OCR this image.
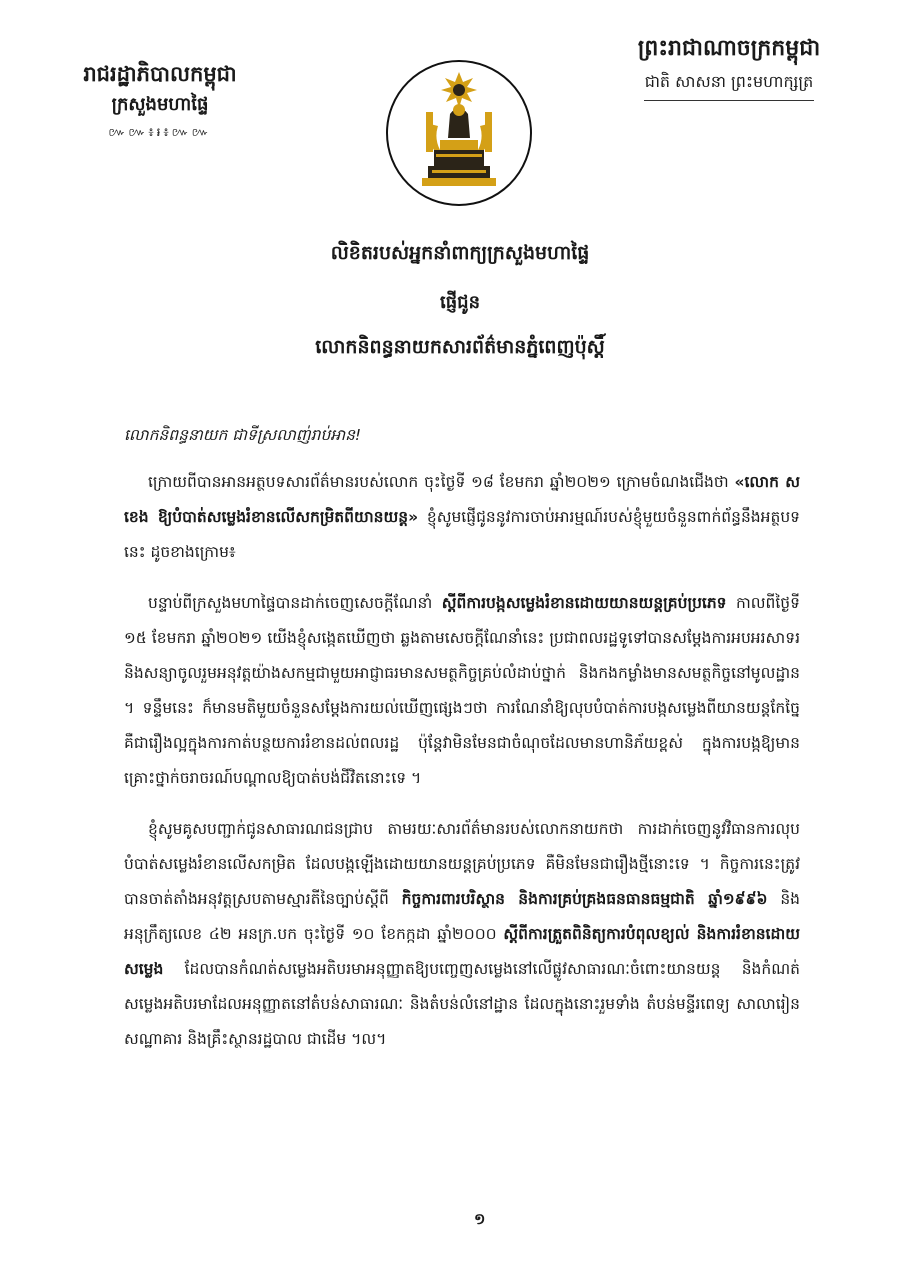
រាជរដ្ឋាភិបាលកម្ពុជា
ក្រសួងមហាផ្ទៃ
៚៚៖៛៖៚៚
ព្រះរាជាណាចក្រកម្ពុជា
ជាតិ សាសនា ព្រះមហាក្សត្រ
លិខិតរបស់អ្នកនាំពាក្យក្រសួងមហាផ្ទៃ
ផ្ញើជូន
លោកនិពន្ធនាយកសារព័ត៌មានភ្នំពេញប៉ុស្តិ៍
លោកនិពន្ធនាយក ជាទីស្រលាញ់រាប់អាន!

ក្រោយពីបានអានអត្ថបទសារព័ត៌មានរបស់លោក ចុះថ្ងៃទី ១៨ ខែមករា ឆ្នាំ២០២១ ក្រោមចំណងជើងថា «លោក ស ខេង ឱ្យបំបាត់សម្លេងរំខានលើសកម្រិតពីយានយន្ត» ខ្ញុំសូមផ្ញើជូននូវការចាប់អារម្មណ៍របស់ខ្ញុំមួយចំនួនពាក់ព័ន្ធនឹងអត្ថបទនេះ ដូចខាងក្រោម៖

បន្ទាប់ពីក្រសួងមហាផ្ទៃបានដាក់ចេញសេចក្តីណែនាំ ស្តីពីការបង្កសម្លេងរំខានដោយយានយន្តគ្រប់ប្រភេទ កាលពីថ្ងៃទី ១៥ ខែមករា ឆ្នាំ២០២១ យើងខ្ញុំសង្កេតឃើញថា ឆ្លងតាមសេចក្តីណែនាំនេះ ប្រជាពលរដ្ឋទូទៅបានសម្តែងការអបអរសាទរ និងសន្យាចូលរួមអនុវត្តយ៉ាងសកម្មជាមួយអាជ្ញាធរមានសមត្ថកិច្ចគ្រប់លំដាប់ថ្នាក់ និងកងកម្លាំងមានសមត្ថកិច្ចនៅមូលដ្ឋាន ។ ទន្ទឹមនេះ ក៏មានមតិមួយចំនួនសម្តែងការយល់ឃើញផ្សេងៗថា ការណែនាំឱ្យលុបបំបាត់ការបង្កសម្លេងពីយានយន្តកែច្នៃ គឺជារឿងល្អក្នុងការកាត់បន្ថយការរំខានដល់ពលរដ្ឋ ប៉ុន្តែវាមិនមែនជាចំណុចដែលមានហានិភ័យខ្ពស់ ក្នុងការបង្កឱ្យមានគ្រោះថ្នាក់ចរាចរណ៍បណ្តាលឱ្យបាត់បង់ជីវិតនោះទេ ។

ខ្ញុំសូមគូសបញ្ជាក់ជូនសាធារណជនជ្រាប តាមរយៈសារព័ត៌មានរបស់លោកនាយកថា ការដាក់ចេញនូវវិធានការលុបបំបាត់សម្លេងរំខានលើសកម្រិត ដែលបង្កឡើងដោយយានយន្តគ្រប់ប្រភេទ គឺមិនមែនជារឿងថ្មីនោះទេ ។ កិច្ចការនេះត្រូវបានចាត់តាំងអនុវត្តស្របតាមស្មារតីនៃច្បាប់ស្តីពី កិច្ចការពារបរិស្ថាន និងការគ្រប់គ្រងធនធានធម្មជាតិ ឆ្នាំ១៩៩៦ និងអនុក្រឹត្យលេខ ៤២ អនក្រ.បក ចុះថ្ងៃទី ១០ ខែកក្កដា ឆ្នាំ២០០០ ស្តីពីការត្រួតពិនិត្យការបំពុលខ្យល់ និងការរំខានដោយសម្លេង ដែលបានកំណត់សម្លេងអតិបរមាអនុញ្ញាតឱ្យបញ្ចេញសម្លេងនៅលើផ្លូវសាធារណៈចំពោះយានយន្ត និងកំណត់សម្លេងអតិបរមាដែលអនុញ្ញាតនៅតំបន់សាធារណៈ និងតំបន់លំនៅដ្ឋាន ដែលក្នុងនោះរួមទាំង តំបន់មន្ទីរពេទ្យ សាលារៀន សណ្ឋាគារ និងគ្រឹះស្ថានរដ្ឋបាល ជាដើម ។ល។

១
